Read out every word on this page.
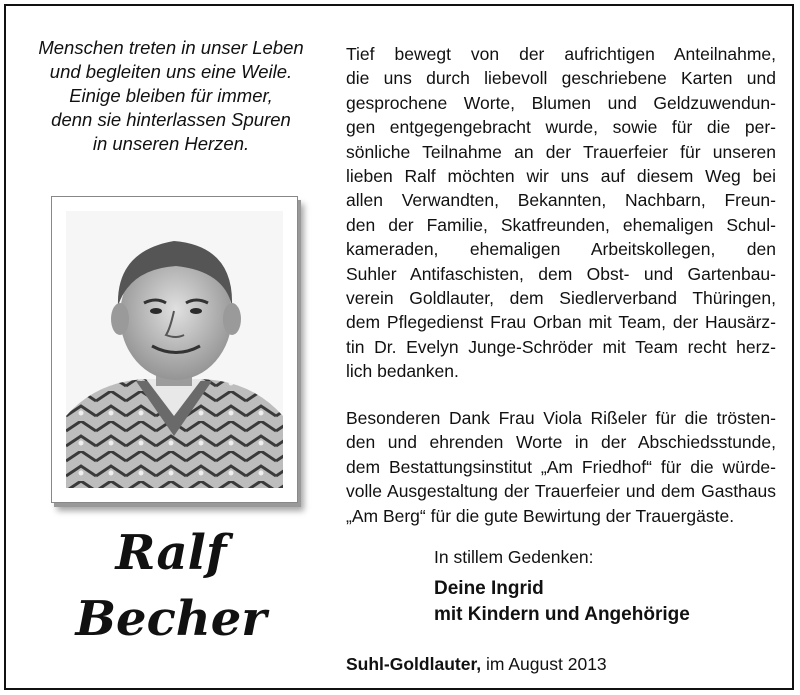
Menschen treten in unser Leben
und begleiten uns eine Weile.
Einige bleiben für immer,
denn sie hinterlassen Spuren
in unseren Herzen.
Ralf
Becher
Tief bewegt von der aufrichtigen Anteilnahme,
die uns durch liebevoll geschriebene Karten und
gesprochene Worte, Blumen und Geldzuwendun-
gen entgegengebracht wurde, sowie für die per-
sönliche Teilnahme an der Trauerfeier für unseren
lieben Ralf möchten wir uns auf diesem Weg bei
allen Verwandten, Bekannten, Nachbarn, Freun-
den der Familie, Skatfreunden, ehemaligen Schul-
kameraden, ehemaligen Arbeitskollegen, den
Suhler Antifaschisten, dem Obst- und Gartenbau-
verein Goldlauter, dem Siedlerverband Thüringen,
dem Pflegedienst Frau Orban mit Team, der Hausärz-
tin Dr. Evelyn Junge-Schröder mit Team recht herz-
lich bedanken.
Besonderen Dank Frau Viola Rißeler für die trösten-
den und ehrenden Worte in der Abschiedsstunde,
dem Bestattungsinstitut „Am Friedhof“ für die würde-
volle Ausgestaltung der Trauerfeier und dem Gasthaus
„Am Berg“ für die gute Bewirtung der Trauergäste.
In stillem Gedenken:
Deine Ingrid
mit Kindern und Angehörige
Suhl-Goldlauter, im August 2013
